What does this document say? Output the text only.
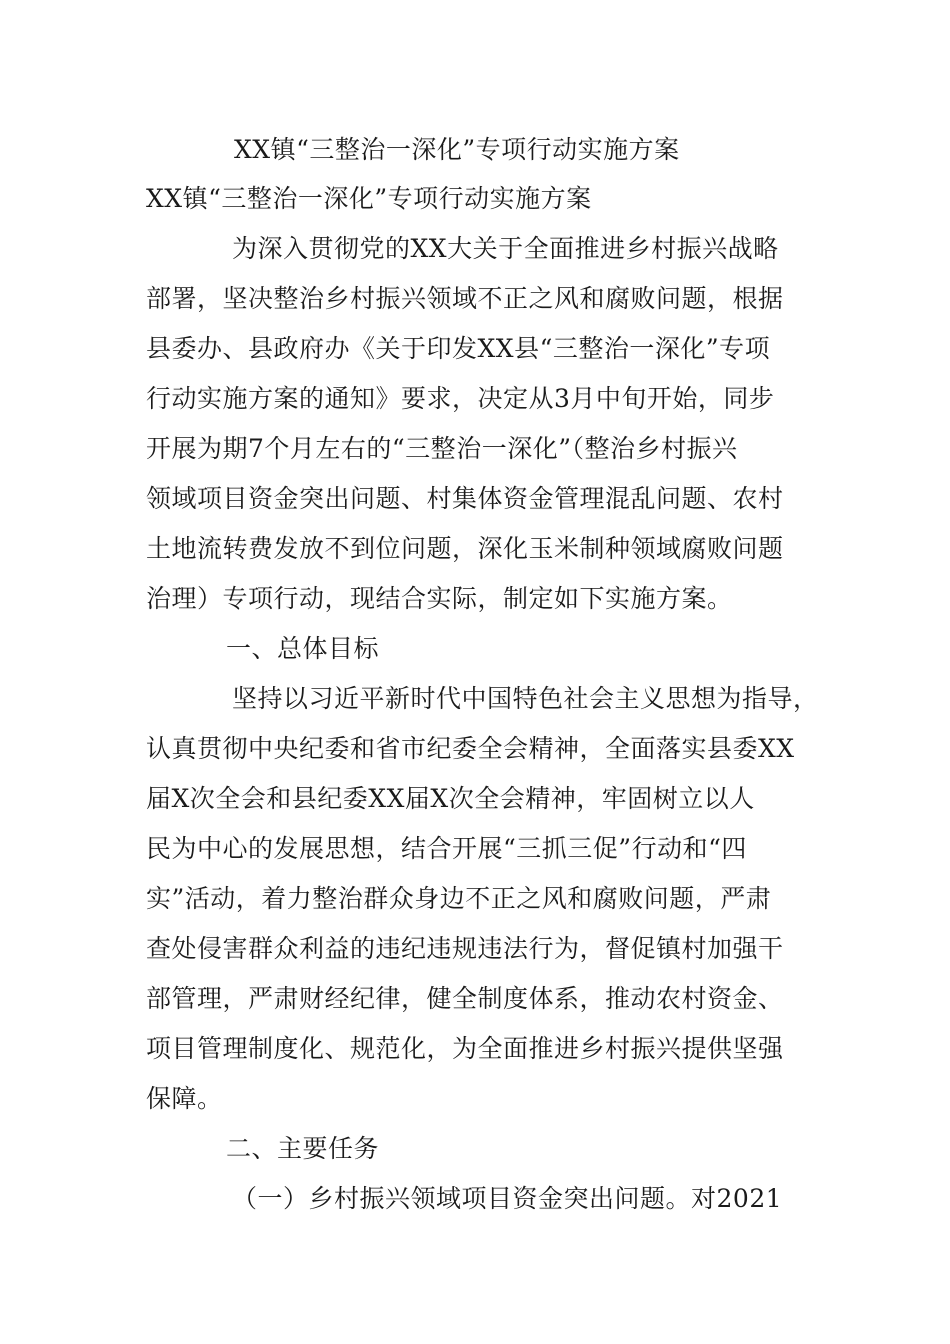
XX镇“三整治一深化”专项行动实施方案
XX镇“三整治一深化”专项行动实施方案
为深入贯彻党的XX大关于全面推进乡村振兴战略
部署，坚决整治乡村振兴领域不正之风和腐败问题，根据
县委办、县政府办《关于印发XX县“三整治一深化”专项
行动实施方案的通知》要求，决定从3月中旬开始，同步
开展为期7个月左右的“三整治一深化”（整治乡村振兴
领域项目资金突出问题、村集体资金管理混乱问题、农村
土地流转费发放不到位问题，深化玉米制种领域腐败问题
治理）专项行动，现结合实际，制定如下实施方案。
一、总体目标
坚持以习近平新时代中国特色社会主义思想为指导，
认真贯彻中央纪委和省市纪委全会精神，全面落实县委XX
届X次全会和县纪委XX届X次全会精神，牢固树立以人
民为中心的发展思想，结合开展“三抓三促”行动和“四
实”活动，着力整治群众身边不正之风和腐败问题，严肃
查处侵害群众利益的违纪违规违法行为，督促镇村加强干
部管理，严肃财经纪律，健全制度体系，推动农村资金、
项目管理制度化、规范化，为全面推进乡村振兴提供坚强
保障。
二、主要任务
（一）乡村振兴领域项目资金突出问题。对2021
